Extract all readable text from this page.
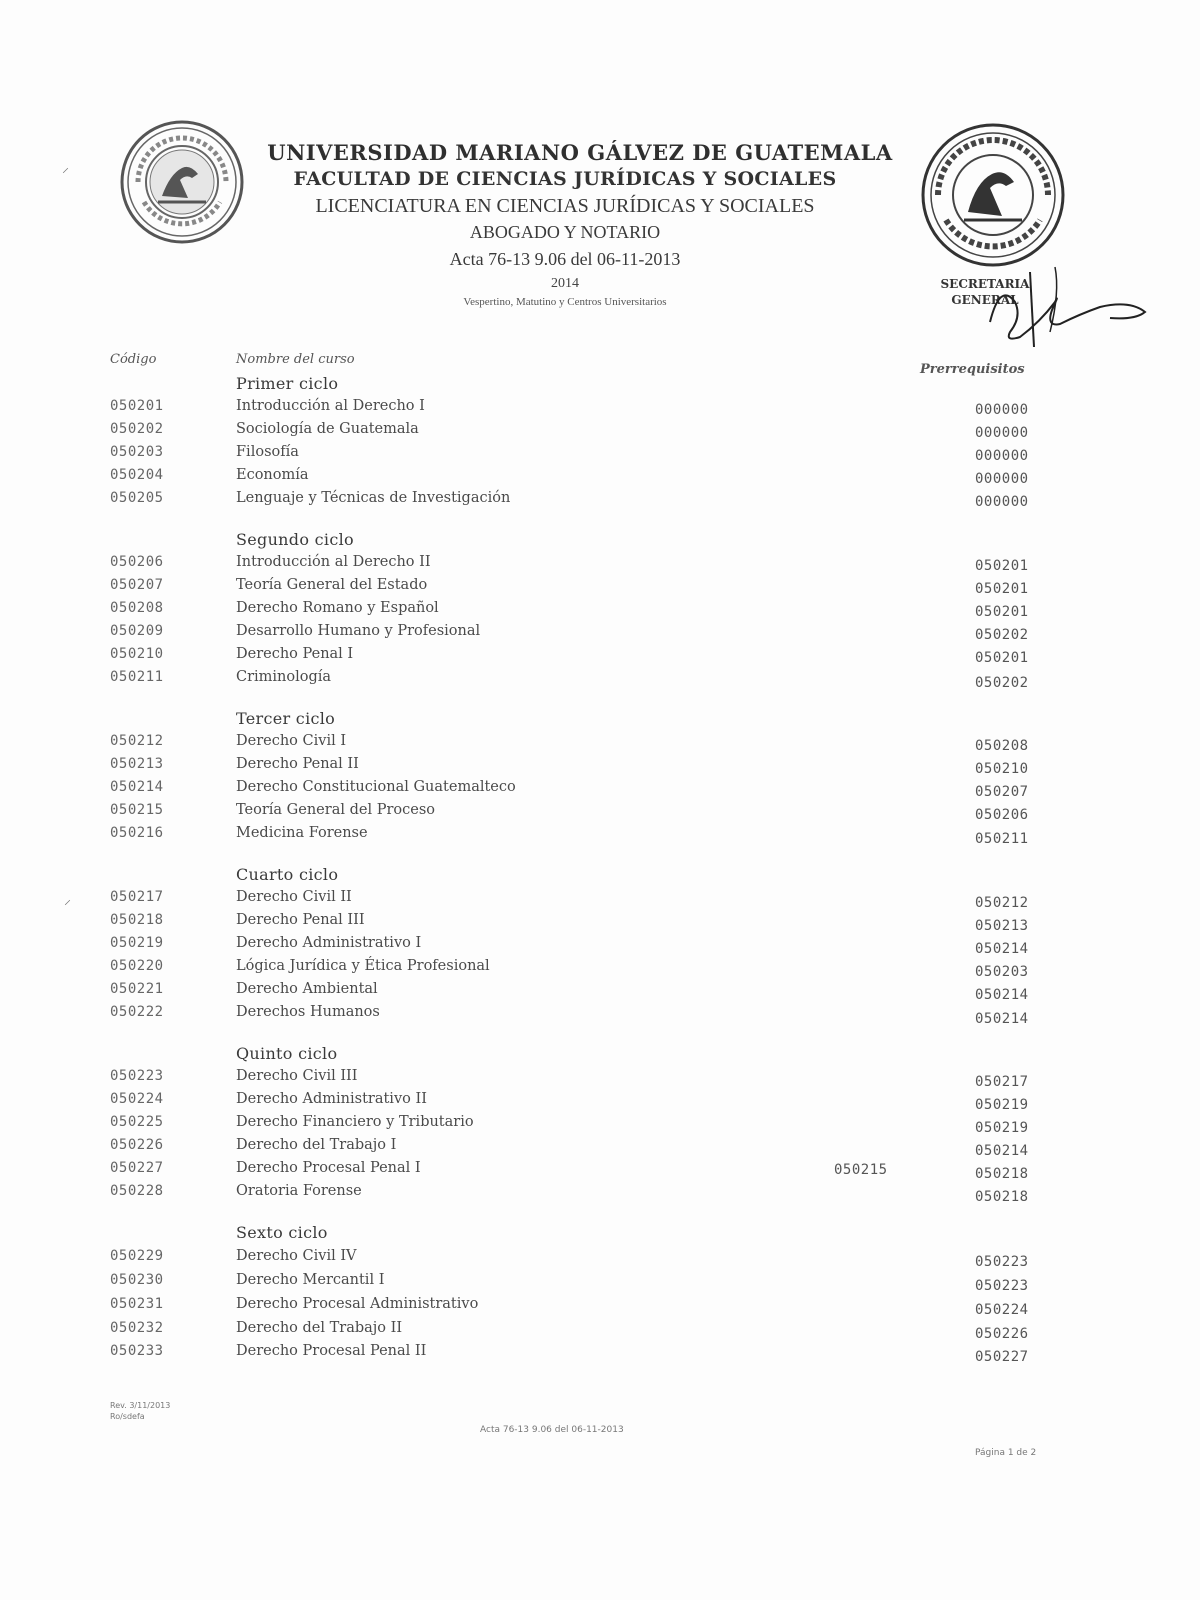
SECRETARIA
GENERAL
⸝
⸝
UNIVERSIDAD MARIANO GÁLVEZ DE GUATEMALA
FACULTAD DE CIENCIAS JURÍDICAS Y SOCIALES
LICENCIATURA EN CIENCIAS JURÍDICAS Y SOCIALES
ABOGADO Y NOTARIO
Acta 76-13 9.06 del 06-11-2013
2014
Vespertino, Matutino y Centros Universitarios
Código	Nombre del curso
Prerrequisitos
Primer ciclo
050201	Introducción al Derecho I	000000
050202	Sociología de Guatemala	000000
050203	Filosofía	000000
050204	Economía	000000
050205	Lenguaje y Técnicas de Investigación	000000
Segundo ciclo
050206	Introducción al Derecho II	050201
050207	Teoría General del Estado	050201
050208	Derecho Romano y Español	050201
050209	Desarrollo Humano y Profesional	050202
050210	Derecho Penal I	050201
050211	Criminología	050202
Tercer ciclo
050212	Derecho Civil I	050208
050213	Derecho Penal II	050210
050214	Derecho Constitucional Guatemalteco	050207
050215	Teoría General del Proceso	050206
050216	Medicina Forense	050211
Cuarto ciclo
050217	Derecho Civil II	050212
050218	Derecho Penal III	050213
050219	Derecho Administrativo I	050214
050220	Lógica Jurídica y Ética Profesional	050203
050221	Derecho Ambiental	050214
050222	Derechos Humanos	050214
Quinto ciclo
050223	Derecho Civil III	050217
050224	Derecho Administrativo II	050219
050225	Derecho Financiero y Tributario	050219
050226	Derecho del Trabajo I	050214
050227	Derecho Procesal Penal I	050215	050218
050228	Oratoria Forense	050218
Sexto ciclo
050229	Derecho Civil IV	050223
050230	Derecho Mercantil I	050223
050231	Derecho Procesal Administrativo	050224
050232	Derecho del Trabajo II	050226
050233	Derecho Procesal Penal II	050227
Rev. 3/11/2013
Ro/sdefa
Acta 76-13 9.06 del 06-11-2013
Página 1 de 2
